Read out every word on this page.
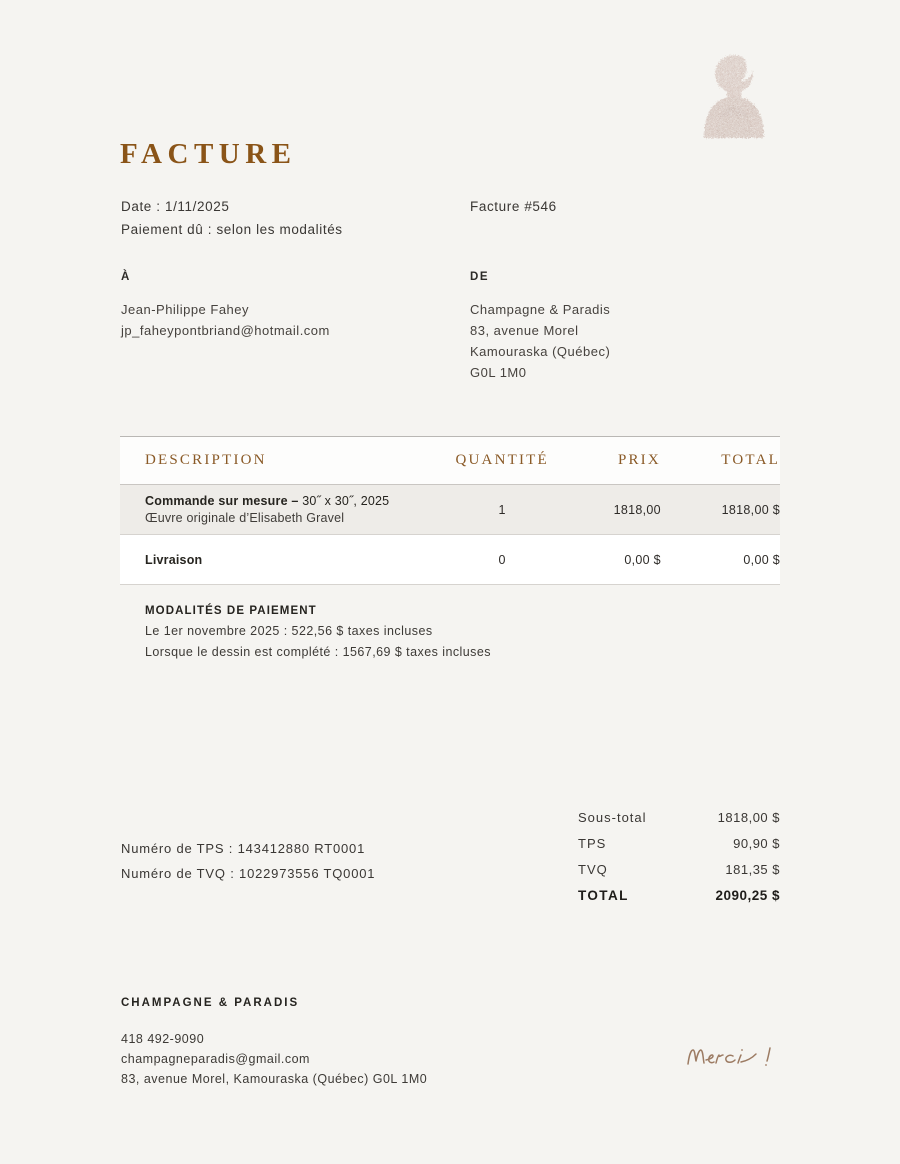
FACTURE
Date : 1/11/2025
Paiement dû : selon les modalités
Facture #546
À
Jean-Philippe Fahey
jp_faheypontbriand@hotmail.com
DE
Champagne & Paradis
83, avenue Morel
Kamouraska (Québec)
G0L 1M0
DESCRIPTION	QUANTITÉ	PRIX	TOTAL
Commande sur mesure – 30˝ x 30˝, 2025
Œuvre originale d’Elisabeth Gravel
1	1818,00	1818,00 $
Livraison	0	0,00 $	0,00 $
MODALITÉS DE PAIEMENT
Le 1er novembre 2025 : 522,56 $ taxes incluses
Lorsque le dessin est complété : 1567,69 $ taxes incluses
Numéro de TPS : 143412880 RT0001
Numéro de TVQ : 1022973556 TQ0001
Sous-total	1818,00 $
TPS	90,90 $
TVQ	181,35 $
TOTAL	2090,25 $
CHAMPAGNE & PARADIS
418 492-9090
champagneparadis@gmail.com
83, avenue Morel, Kamouraska (Québec) G0L 1M0
